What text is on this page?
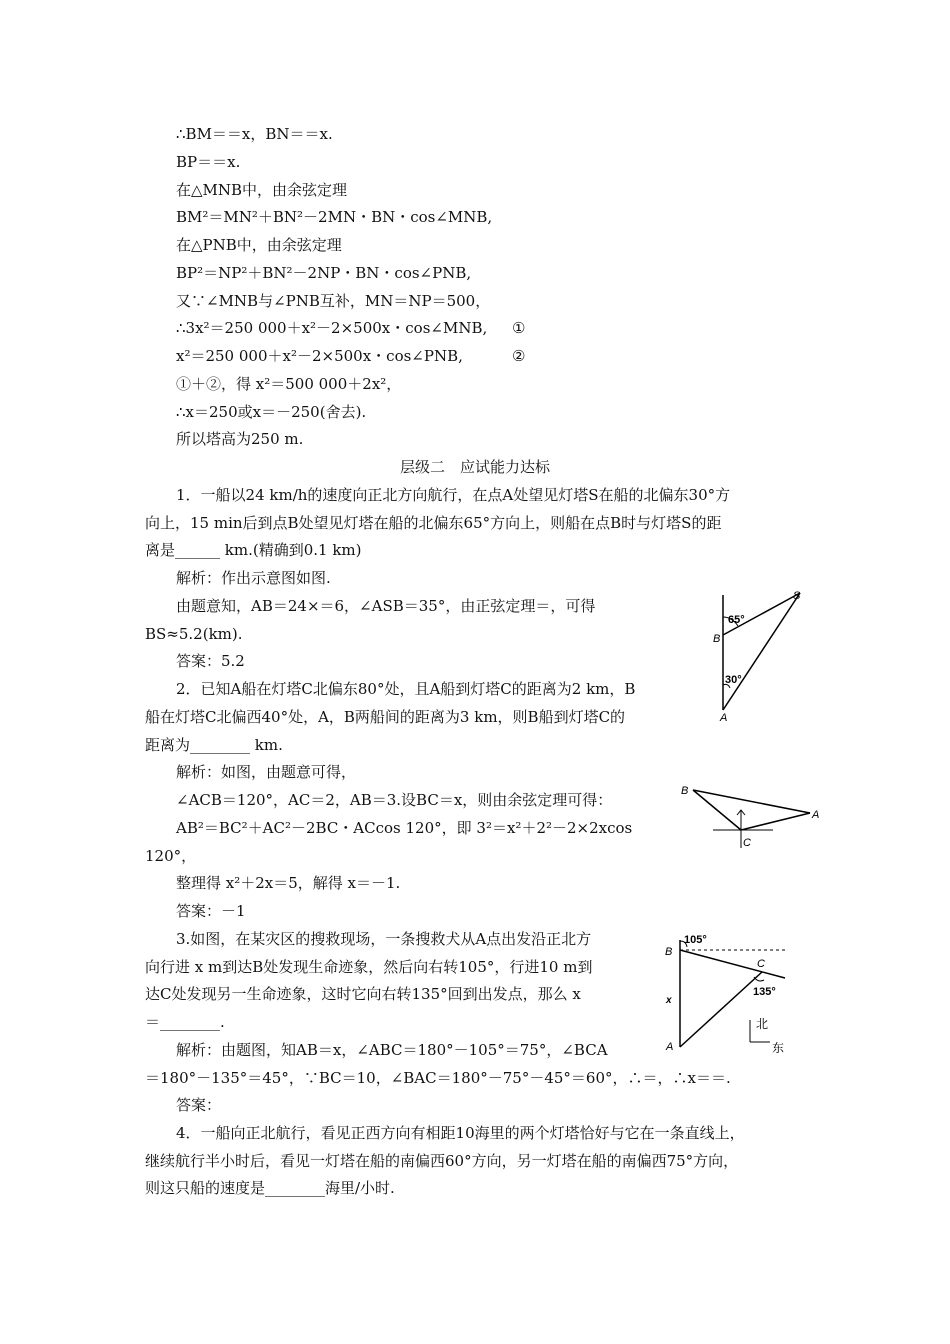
∴BM＝＝x，BN＝＝x.
BP＝＝x.
在△MNB中，由余弦定理
BM²＝MN²＋BN²－2MN・BN・cos∠MNB,
在△PNB中，由余弦定理
BP²＝NP²＋BN²－2NP・BN・cos∠PNB,
又∵∠MNB与∠PNB互补，MN＝NP＝500，
∴3x²＝250 000＋x²－2×500x・cos∠MNB, ①
x²＝250 000＋x²－2×500x・cos∠PNB,	②
①＋②，得 x²＝500 000＋2x²，
∴x＝250或x＝－250(舍去).
所以塔高为250 m.
层级二　应试能力达标
1．一船以24 km/h的速度向正北方向航行，在点A处望见灯塔S在船的北偏东30°方
向上，15 min后到点B处望见灯塔在船的北偏东65°方向上，则船在点B时与灯塔S的距
离是______ km.(精确到0.1 km)
解析：作出示意图如图.
由题意知，AB＝24×＝6，∠ASB＝35°，由正弦定理＝，可得
BS≈5.2(km).
答案：5.2
65°
30°
S
B
A
2．已知A船在灯塔C北偏东80°处，且A船到灯塔C的距离为2 km，B
船在灯塔C北偏西40°处，A，B两船间的距离为3 km，则B船到灯塔C的
距离为________ km.
解析：如图，由题意可得，
∠ACB＝120°，AC＝2，AB＝3.设BC＝x，则由余弦定理可得：
AB²＝BC²＋AC²－2BC・ACcos 120°，即 3²＝x²＋2²－2×2xcos
120°，
整理得 x²＋2x＝5，解得 x＝－1.
答案：－1
B
A
C
3.如图，在某灾区的搜救现场，一条搜救犬从A点出发沿正北方
向行进 x m到达B处发现生命迹象，然后向右转105°，行进10 m到
达C处发现另一生命迹象，这时它向右转135°回到出发点，那么 x
＝________.
解析：由题图，知AB＝x，∠ABC＝180°－105°＝75°，∠BCA
＝180°－135°＝45°，∵BC＝10，∠BAC＝180°－75°－45°＝60°，∴＝，∴x＝＝.
答案：
105°
135°
B
C
A
x
北
东
4．一船向正北航行，看见正西方向有相距10海里的两个灯塔恰好与它在一条直线上，
继续航行半小时后，看见一灯塔在船的南偏西60°方向，另一灯塔在船的南偏西75°方向，
则这只船的速度是________海里/小时.
